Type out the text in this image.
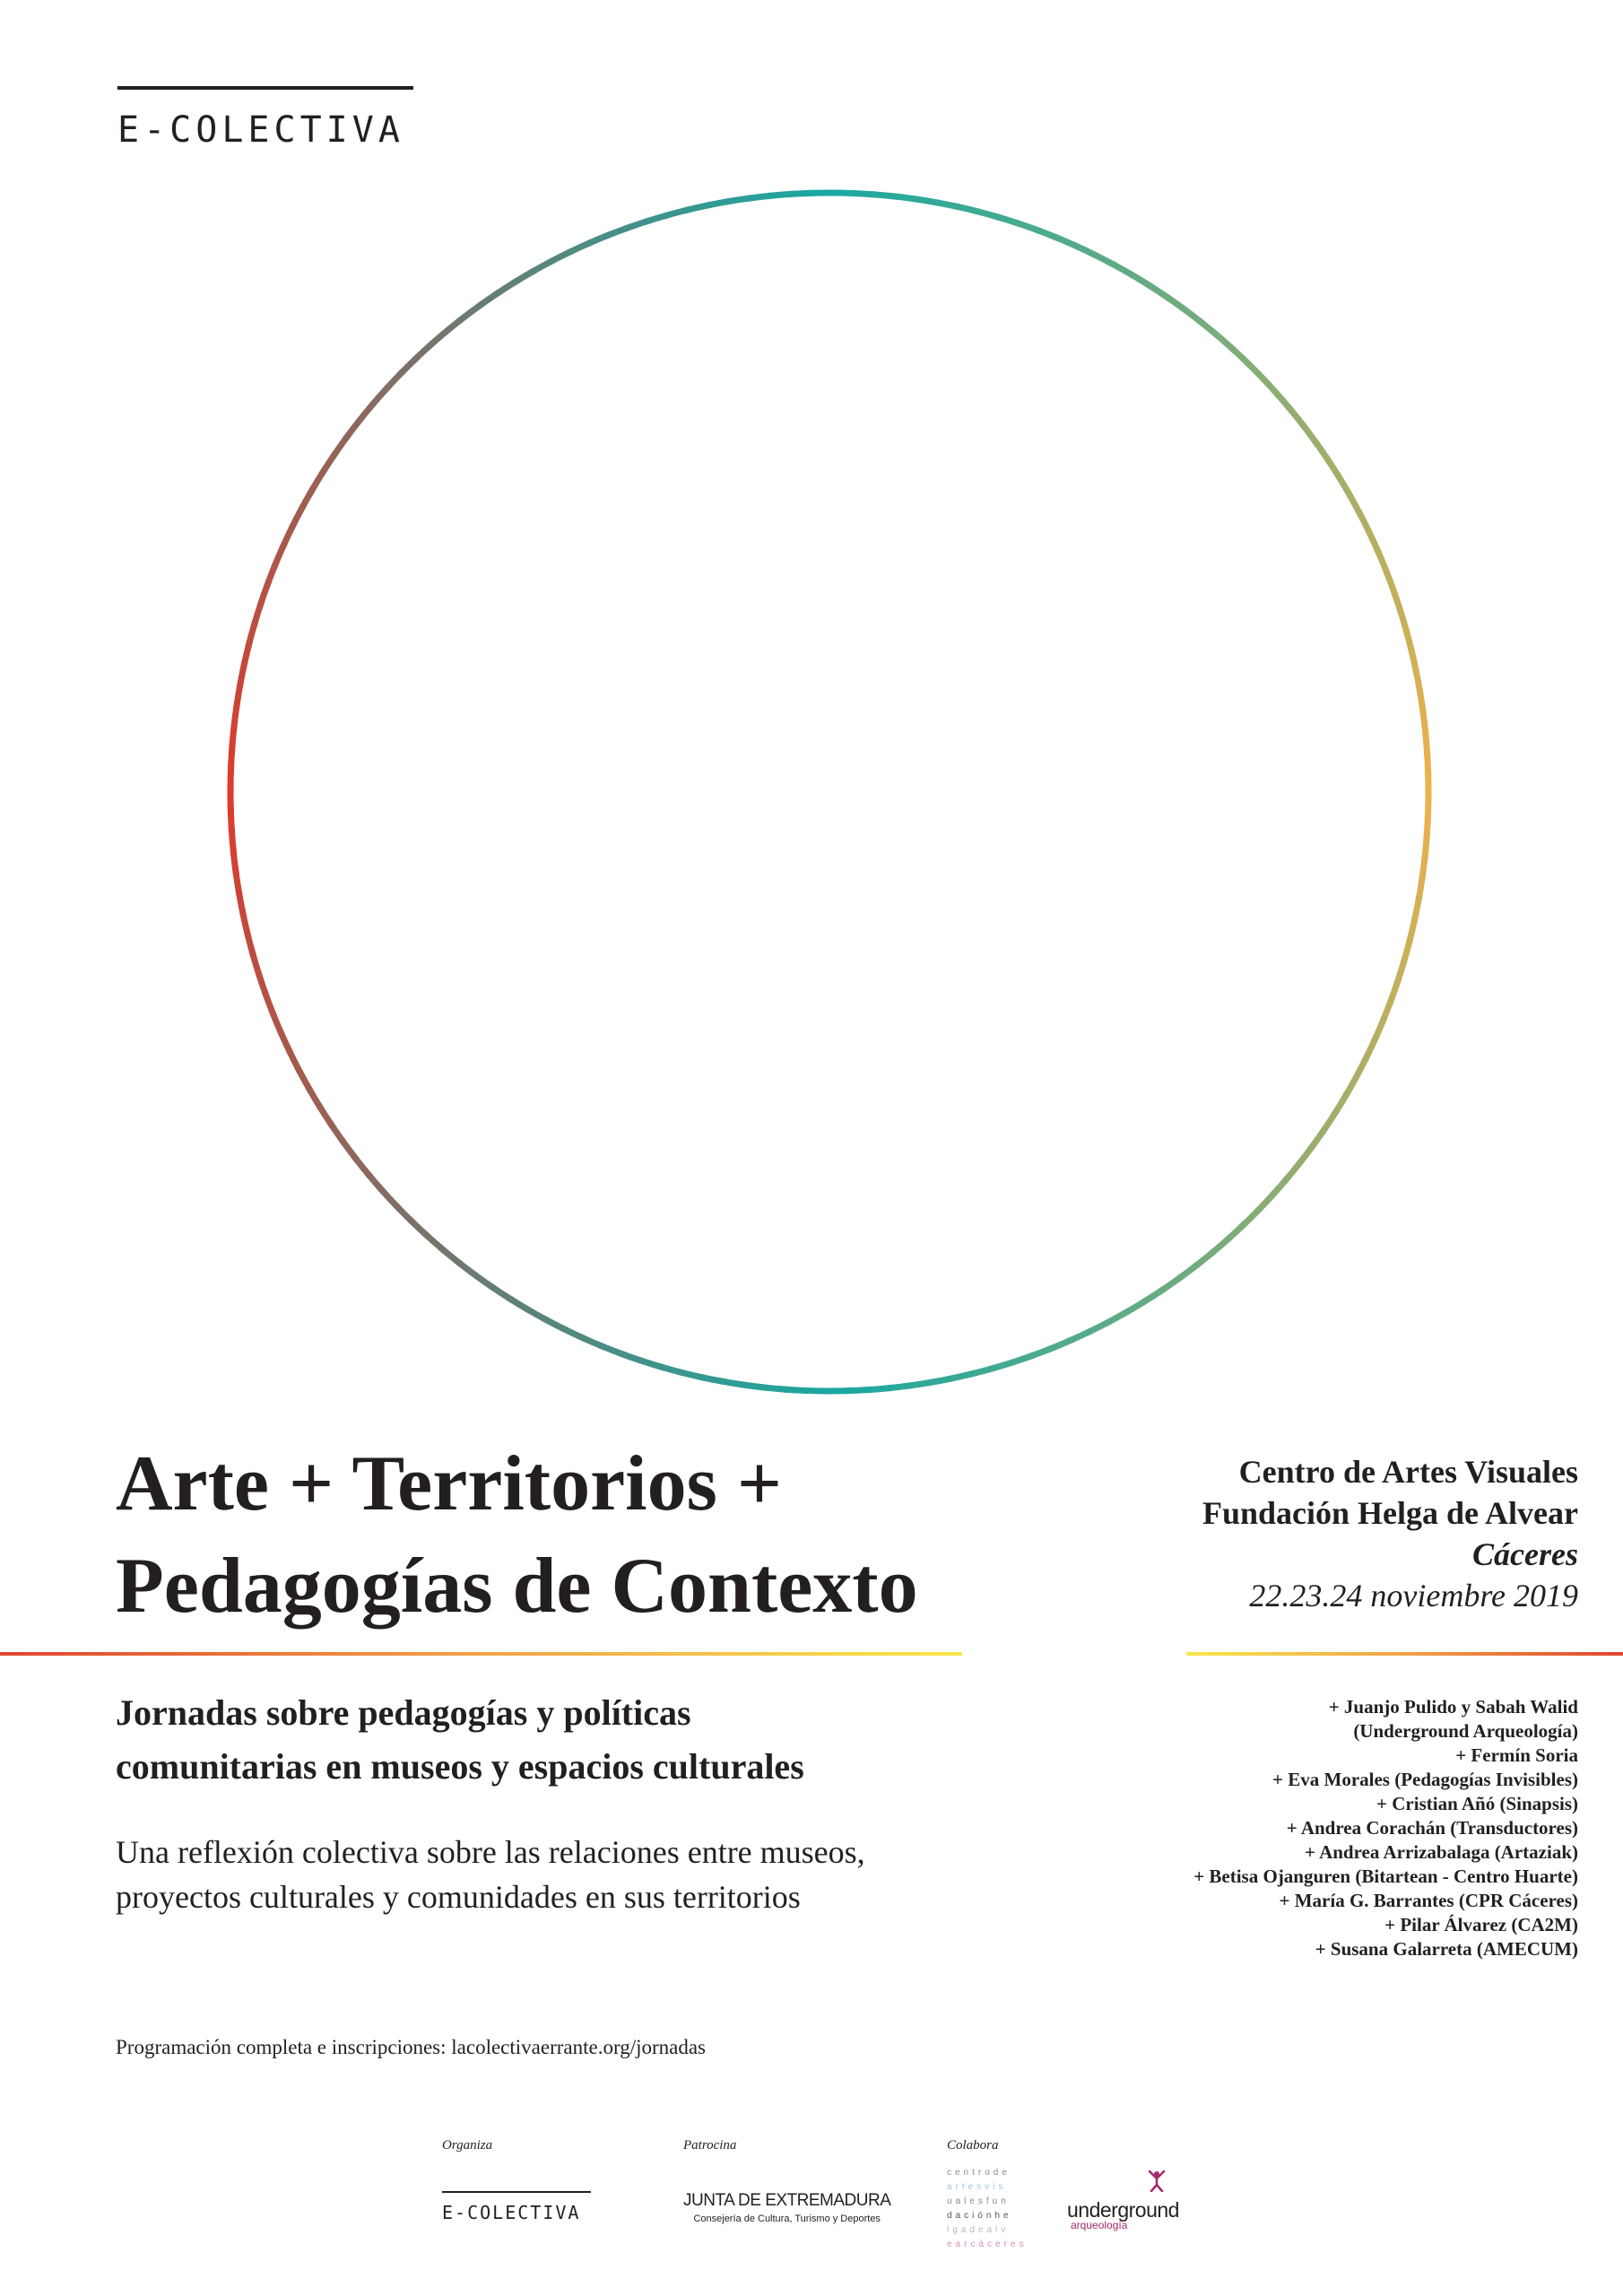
E-COLECTIVA
Arte + Territorios +
Pedagogías de Contexto
Centro de Artes Visuales
Fundación Helga de Alvear
Cáceres
22.23.24 noviembre 2019
Jornadas sobre pedagogías y políticas
comunitarias en museos y espacios culturales
Una reflexión colectiva sobre las relaciones entre museos,
proyectos culturales y comunidades en sus territorios
+ Juanjo Pulido y Sabah Walid
(Underground Arqueología)
+ Fermín Soria
+ Eva Morales (Pedagogías Invisibles)
+ Cristian Añó (Sinapsis)
+ Andrea Corachán (Transductores)
+ Andrea Arrizabalaga (Artaziak)
+ Betisa Ojanguren (Bitartean - Centro Huarte)
+ María G. Barrantes (CPR Cáceres)
+ Pilar Álvarez (CA2M)
+ Susana Galarreta (AMECUM)
Programación completa e inscripciones: lacolectivaerrante.org/jornadas
Organiza	Patrocina	Colabora
E-COLECTIVA
JUNTA DE EXTREMADURA
Consejería de Cultura, Turismo y Deportes
centrode
artesvis
ualesfun
daciónhe
lgadealv
earcáceres
underground
arqueología
